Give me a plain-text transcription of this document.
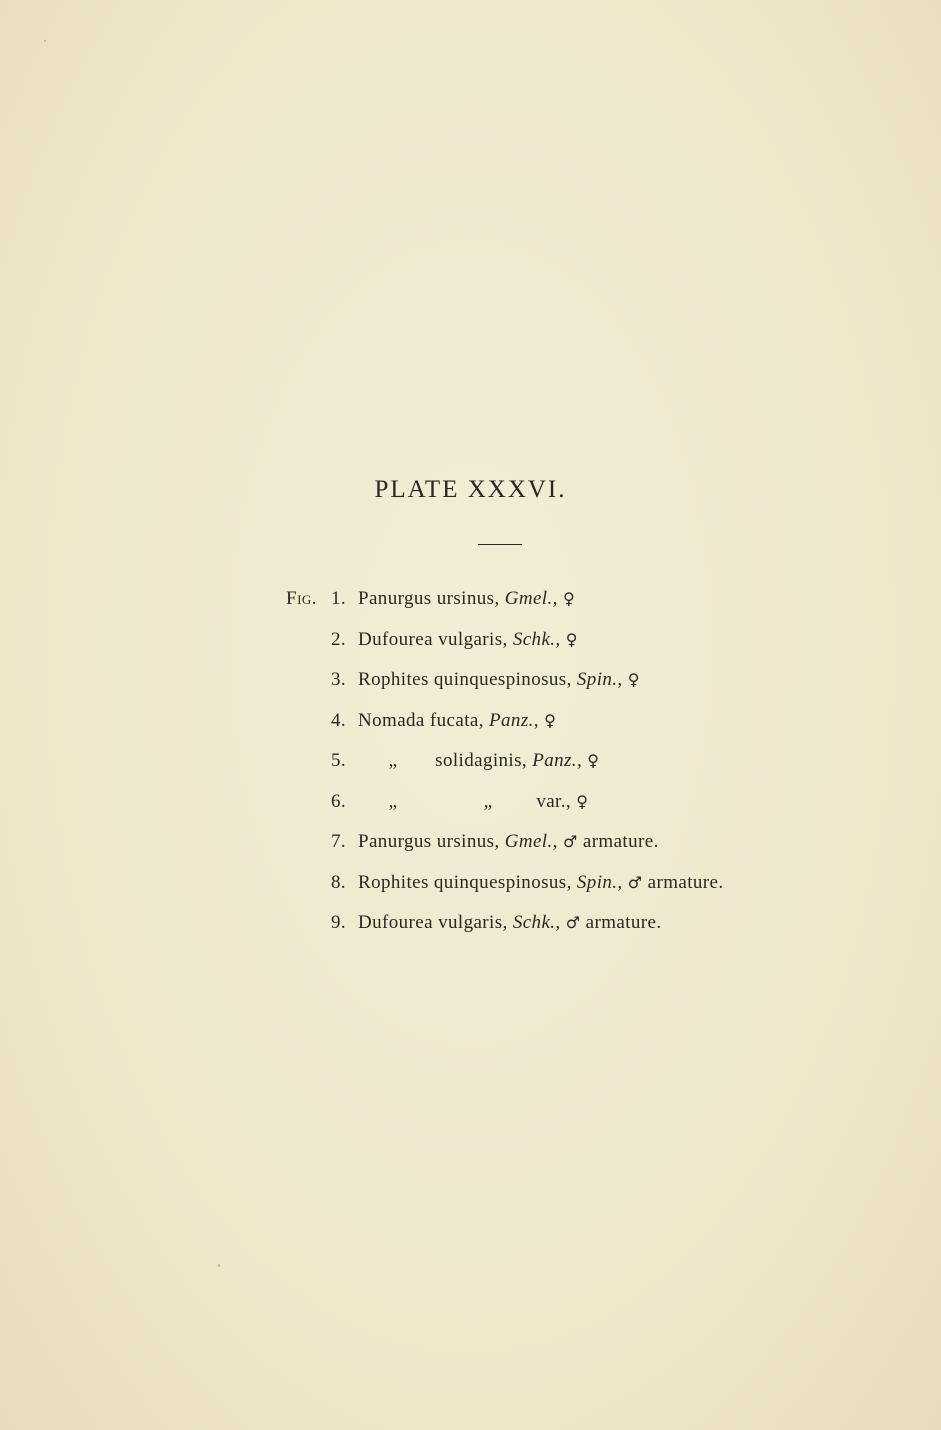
PLATE XXXVI.
Fig. 1. Panurgus ursinus, Gmel., ♀
2. Dufourea vulgaris, Schk., ♀
3. Rophites quinquespinosus, Spin., ♀
4. Nomada fucata, Panz., ♀
5.	„ solidaginis, Panz., ♀
6.	„	„ var., ♀
7. Panurgus ursinus, Gmel., ♂ armature.
8. Rophites quinquespinosus, Spin., ♂ armature.
9. Dufourea vulgaris, Schk., ♂ armature.
